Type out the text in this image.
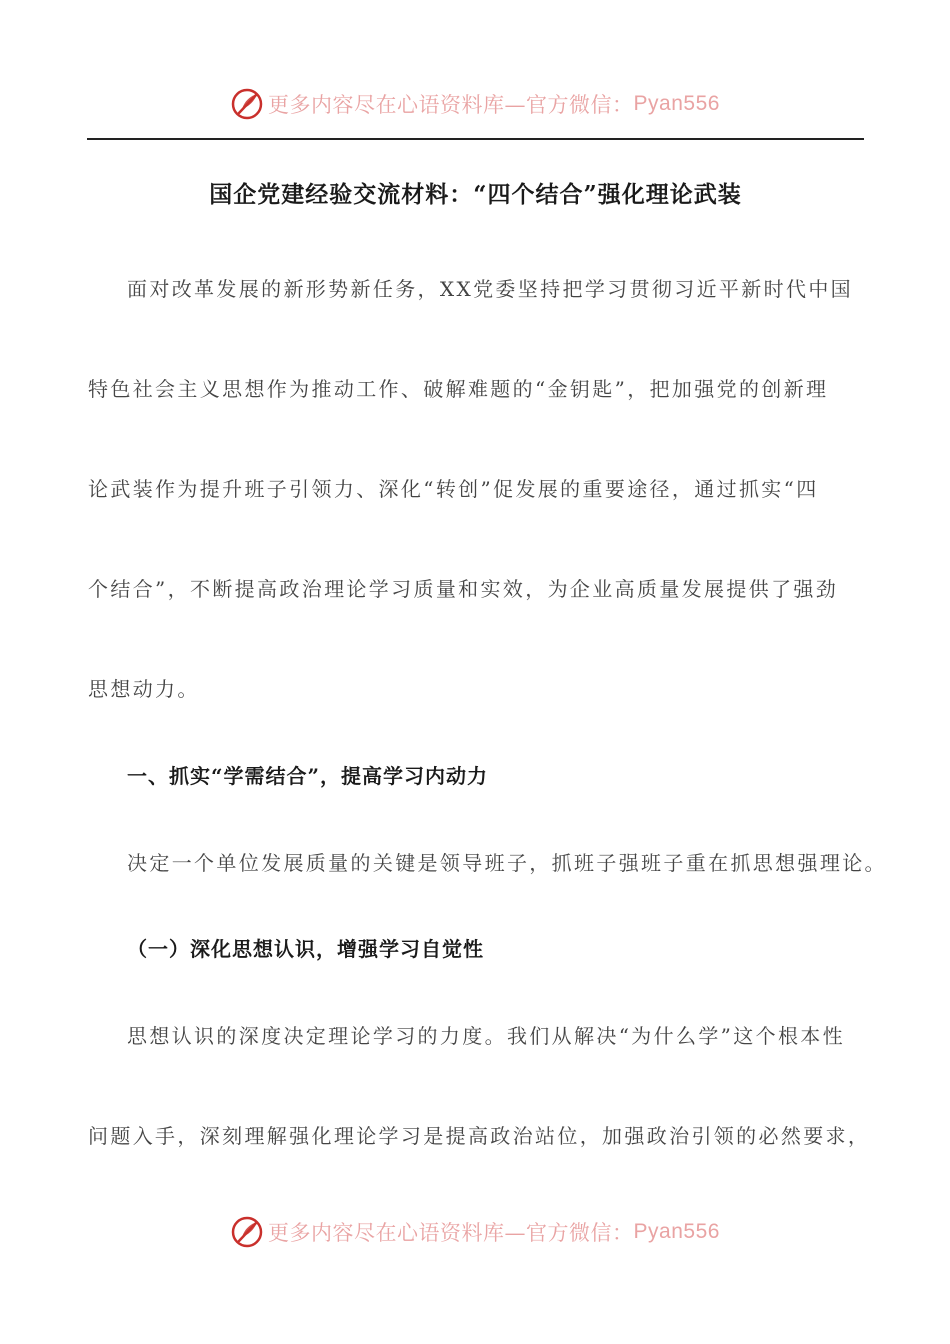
更多内容尽在心语资料库—官方微信： Pyan556
国企党建经验交流材料：“四个结合”强化理论武装
面对改革发展的新形势新任务，XX党委坚持把学习贯彻习近平新时代中国
特色社会主义思想作为推动工作、破解难题的“金钥匙”，把加强党的创新理
论武装作为提升班子引领力、深化“转创”促发展的重要途径，通过抓实“四
个结合”，不断提高政治理论学习质量和实效，为企业高质量发展提供了强劲
思想动力。
一、抓实“学需结合”，提高学习内动力
决定一个单位发展质量的关键是领导班子，抓班子强班子重在抓思想强理论。
（一）深化思想认识，增强学习自觉性
思想认识的深度决定理论学习的力度。我们从解决“为什么学”这个根本性
问题入手，深刻理解强化理论学习是提高政治站位，加强政治引领的必然要求，
更多内容尽在心语资料库—官方微信： Pyan556
